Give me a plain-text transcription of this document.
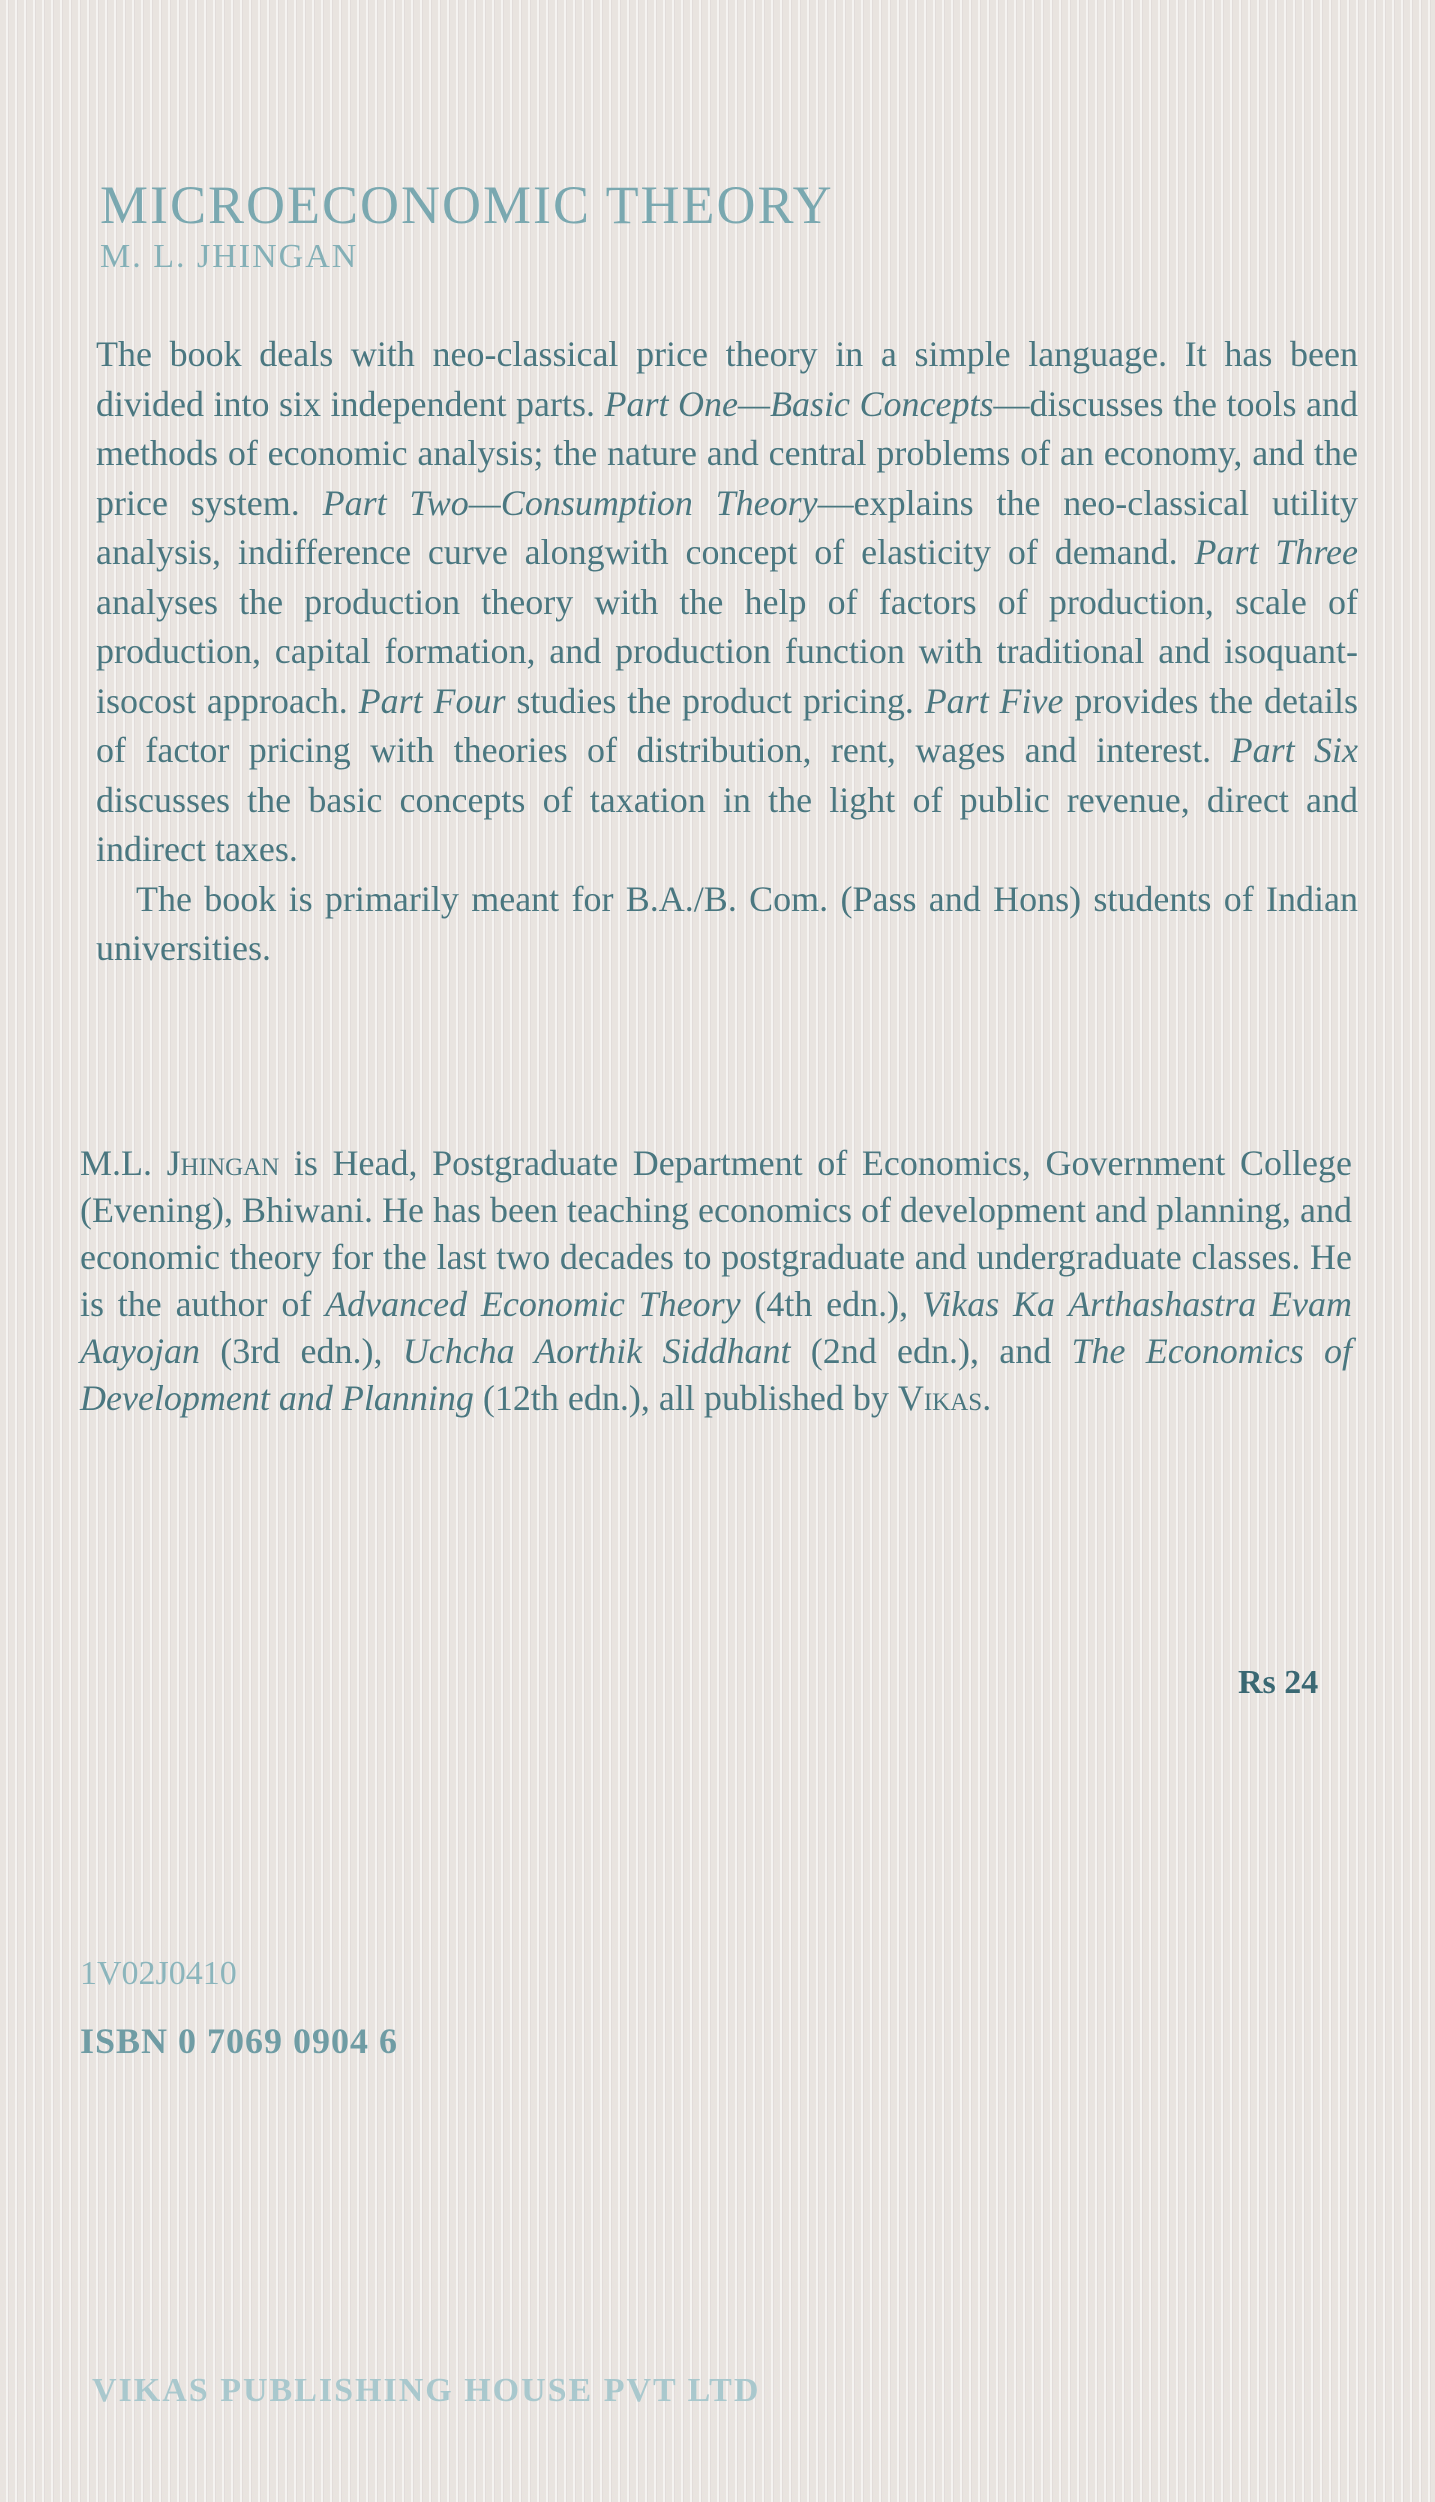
MICROECONOMIC THEORY
M. L. JHINGAN

The book deals with neo-classical price theory in a simple language. It has been divided into six independent parts. Part One—Basic Concepts—discusses the tools and methods of economic analysis; the nature and central problems of an economy, and the price system. Part Two—Consumption Theory—explains the neo-classical utility analysis, indifference curve alongwith concept of elasticity of demand. Part Three analyses the production theory with the help of factors of production, scale of production, capital formation, and production function with traditional and isoquant-isocost approach. Part Four studies the product pricing. Part Five provides the details of factor pricing with theories of distribution, rent, wages and interest. Part Six discusses the basic concepts of taxation in the light of public revenue, direct and indirect taxes.

The book is primarily meant for B.A./B. Com. (Pass and Hons) students of Indian universities.

M.L. Jhingan is Head, Postgraduate Department of Economics, Government College (Evening), Bhiwani. He has been teaching economics of development and planning, and economic theory for the last two decades to postgraduate and undergraduate classes. He is the author of Advanced Economic Theory (4th edn.), Vikas Ka Arthashastra Evam Aayojan (3rd edn.), Uchcha Aorthik Siddhant (2nd edn.), and The Economics of Development and Planning (12th edn.), all published by Vikas.

Rs 24
1V02J0410
ISBN 0 7069 0904 6
VIKAS PUBLISHING HOUSE PVT LTD
